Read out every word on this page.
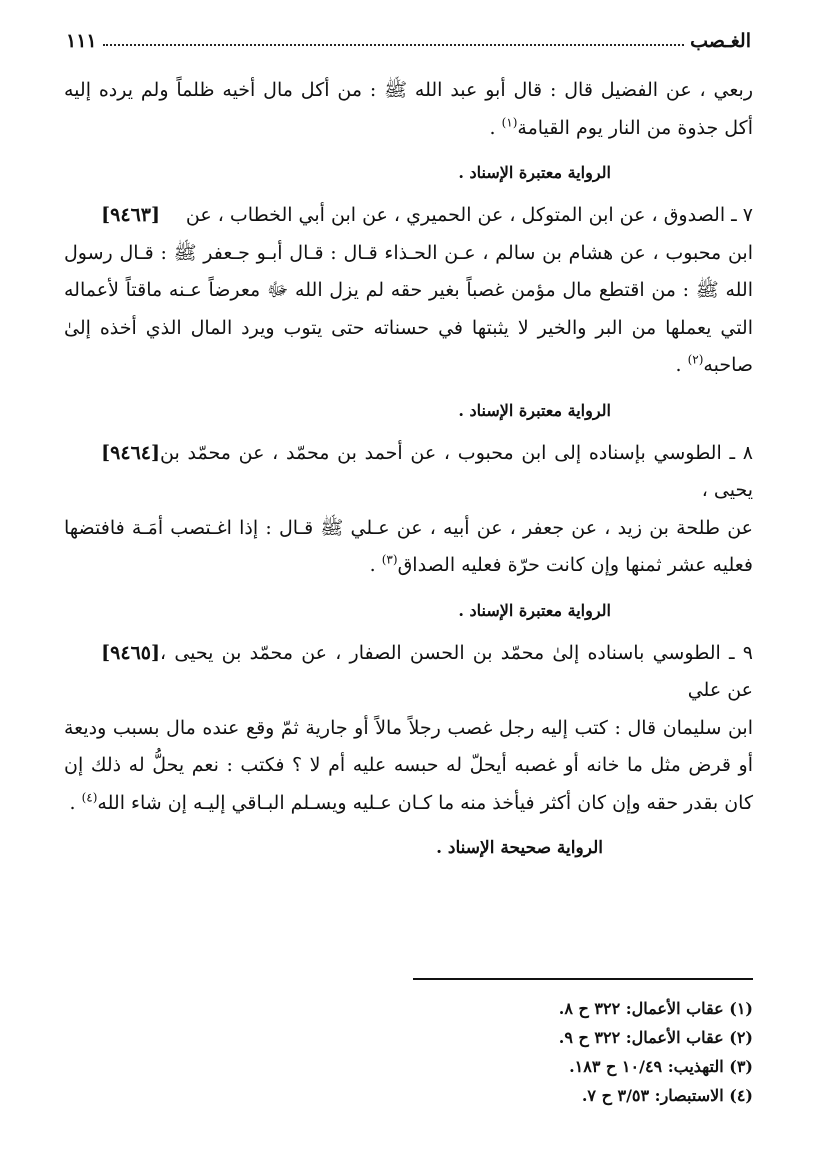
الغـصب
١١١

ربعي ، عن الفضيل قال : قال أبو عبد الله ﷺ : من أكل مال أخيه ظلماً ولم يرده إليه أكل جذوة من النار يوم القيامة$^{(١)}$ .

الرواية معتبرة الإسناد .
٧ ـ الصدوق ، عن ابن المتوكل ، عن الحميري ، عن ابن أبي الخطاب ، عن
[٩٤٦٣]

ابن محبوب ، عن هشام بن سالم ، عـن الحـذاء قـال : قـال أبـو جـعفر ﷺ : قـال رسول الله ﷺ : من اقتطع مال مؤمن غصباً بغير حقه لم يزل الله ﷻ معرضاً عـنه ماقتاً لأعماله التي يعملها من البر والخير لا يثبتها في حسناته حتى يتوب ويرد المال الذي أخذه إلىٰ صاحبه$^{(٢)}$ .

الرواية معتبرة الإسناد .
٨ ـ الطوسي بإسناده إلى ابن محبوب ، عن أحمد بن محمّد ، عن محمّد بن يحيى ،
[٩٤٦٤]

عن طلحة بن زيد ، عن جعفر ، عن أبيه ، عن عـلي ﷺ قـال : إذا اغـتصب أمَـة فافتضها فعليه عشر ثمنها وإن كانت حرّة فعليه الصداق$^{(٣)}$ .

الرواية معتبرة الإسناد .
٩ ـ الطوسي باسناده إلىٰ محمّد بن الحسن الصفار ، عن محمّد بن يحيى ، عن علي
[٩٤٦٥]

ابن سليمان قال : كتب إليه رجل غصب رجلاً مالاً أو جارية ثمّ وقع عنده مال بسبب وديعة أو قرض مثل ما خانه أو غصبه أيحلّ له حبسه عليه أم لا ؟ فكتب : نعم يحلُّ له ذلك إن كان بقدر حقه وإن كان أكثر فيأخذ منه ما كـان عـليه ويسـلم البـاقي إليـه إن شاء الله$^{(٤)}$ .

الرواية صحيحة الإسناد .

(١) عقاب الأعمال: ٣٢٢ ح ٨.

(٢) عقاب الأعمال: ٣٢٢ ح ٩.

(٣) التهذيب: ١٠/٤٩ ح ١٨٣.

(٤) الاستبصار: ٣/٥٣ ح ٧.
